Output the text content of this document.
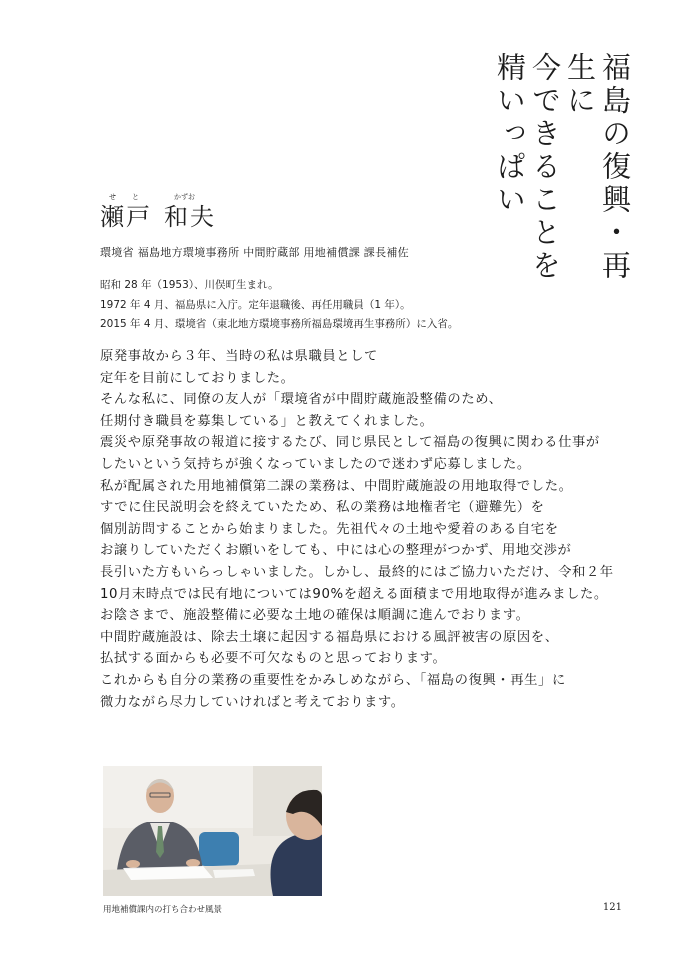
福島の復興・再生に
今できることを
精いっぱい
せ と	かずお

瀬戸 和夫

環境省 福島地方環境事務所 中間貯蔵部 用地補償課 課長補佐
昭和 28 年（1953）、川俣町生まれ。
1972 年 4 月、福島県に入庁。定年退職後、再任用職員（1 年）。
2015 年 4 月、環境省（東北地方環境事務所福島環境再生事務所）に入省。
原発事故から３年、当時の私は県職員として
定年を目前にしておりました。
そんな私に、同僚の友人が「環境省が中間貯蔵施設整備のため、
任期付き職員を募集している」と教えてくれました。
震災や原発事故の報道に接するたび、同じ県民として福島の復興に関わる仕事が
したいという気持ちが強くなっていましたので迷わず応募しました。
私が配属された用地補償第二課の業務は、中間貯蔵施設の用地取得でした。
すでに住民説明会を終えていたため、私の業務は地権者宅（避難先）を
個別訪問することから始まりました。先祖代々の土地や愛着のある自宅を
お譲りしていただくお願いをしても、中には心の整理がつかず、用地交渉が
長引いた方もいらっしゃいました。しかし、最終的にはご協力いただけ、令和２年
10月末時点では民有地については90%を超える面積まで用地取得が進みました。
お陰さまで、施設整備に必要な土地の確保は順調に進んでおります。
中間貯蔵施設は、除去土壌に起因する福島県における風評被害の原因を、
払拭する面からも必要不可欠なものと思っております。
これからも自分の業務の重要性をかみしめながら、「福島の復興・再生」に
微力ながら尽力していければと考えております。
用地補償課内の打ち合わせ風景	121
